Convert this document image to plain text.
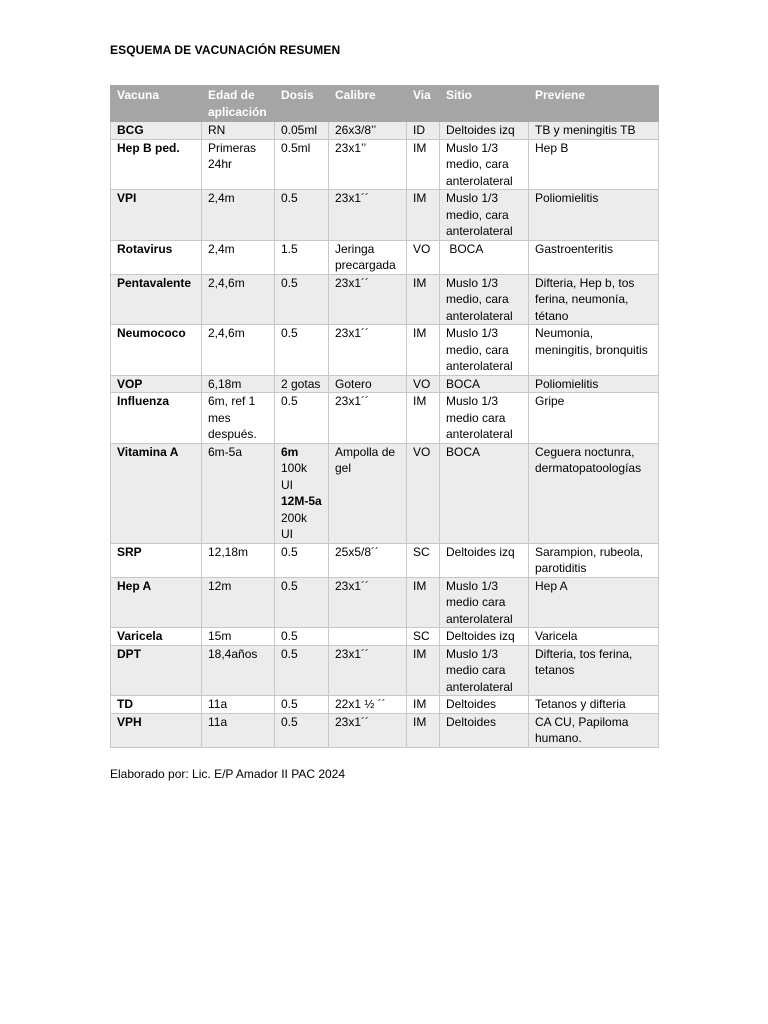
ESQUEMA DE VACUNACIÓN RESUMEN
Vacuna	Edad de aplicación	Dosis	Calibre	Via	Sitio	Previene
BCG	RN	0.05ml	26x3/8’’	ID	Deltoides izq	TB y meningitis TB
Hep B ped.	Primeras 24hr	0.5ml	23x1’’	IM	Muslo 1/3 medio, cara anterolateral	Hep B
VPI	2,4m	0.5	23x1´´	IM	Muslo 1/3 medio, cara anterolateral	Poliomielitis
Rotavirus	2,4m	1.5	Jeringa precargada	VO	BOCA	Gastroenteritis
Pentavalente	2,4,6m	0.5	23x1´´	IM	Muslo 1/3 medio, cara anterolateral	Difteria, Hep b, tos ferina, neumonía, tétano
Neumococo	2,4,6m	0.5	23x1´´	IM	Muslo 1/3 medio, cara anterolateral	Neumonia, meningitis, bronquitis
VOP	6,18m	2 gotas	Gotero	VO	BOCA	Poliomielitis
Influenza	6m, ref 1 mes después.	0.5	23x1´´	IM	Muslo 1/3 medio cara anterolateral	Gripe
Vitamina A	6m-5a	6m 100k UI 12M-5a 200k UI	Ampolla de gel	VO	BOCA	Ceguera noctunra, dermatopatoologías
SRP	12,18m	0.5	25x5/8´´	SC	Deltoides izq	Sarampion, rubeola, parotiditis
Hep A	12m	0.5	23x1´´	IM	Muslo 1/3 medio cara anterolateral	Hep A
Varicela	15m	0.5		SC	Deltoides izq	Varicela
DPT	18,4años	0.5	23x1´´	IM	Muslo 1/3 medio cara anterolateral	Difteria, tos ferina, tetanos
TD	11a	0.5	22x1 ½ ´´	IM	Deltoides	Tetanos y difteria
VPH	11a	0.5	23x1´´	IM	Deltoides	CA CU, Papiloma humano.
Elaborado por: Lic. E/P Amador II PAC 2024
